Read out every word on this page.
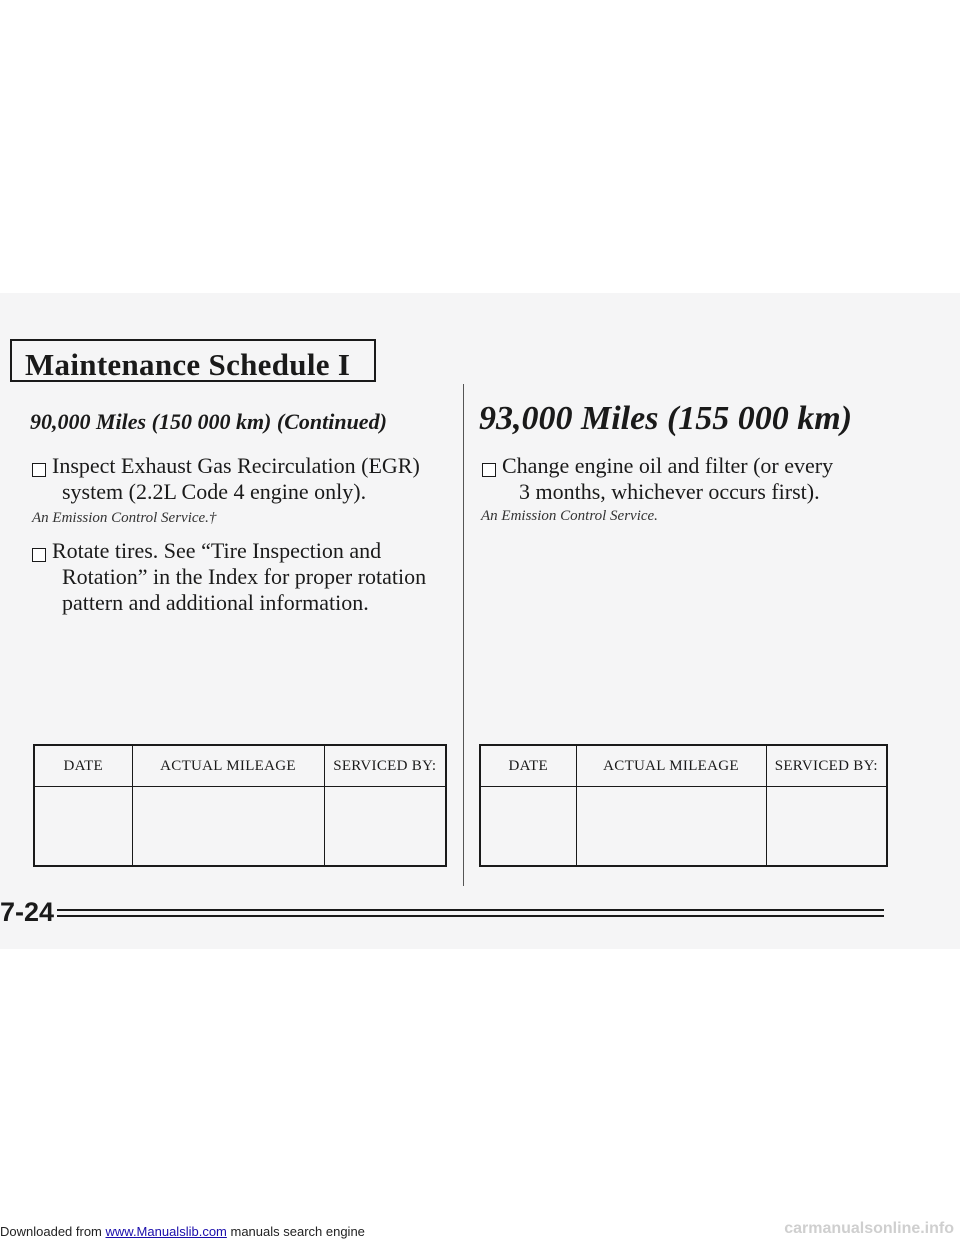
Maintenance Schedule I
90,000 Miles (150 000 km) (Continued)
Inspect Exhaust Gas Recirculation (EGR)
system (2.2L Code 4 engine only).
An Emission Control Service.†
Rotate tires. See “Tire Inspection and
Rotation” in the Index for proper rotation
pattern and additional information.
93,000 Miles (155 000 km)
Change engine oil and filter (or every
3 months, whichever occurs first).
An Emission Control Service.
DATE	ACTUAL MILEAGE	SERVICED BY:
			DATE	ACTUAL MILEAGE	SERVICED BY:

7-24
Downloaded from www.Manualslib.com manuals search engine	carmanualsonline.info
